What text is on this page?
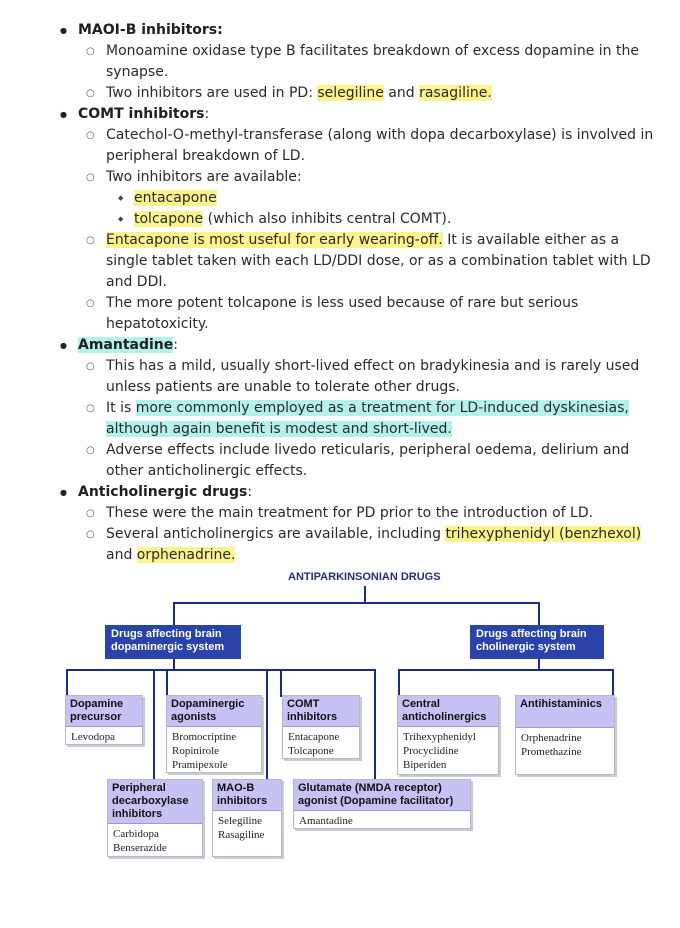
● MAOI-B inhibitors:
○ Monoamine oxidase type B facilitates breakdown of excess dopamine in the synapse.
○ Two inhibitors are used in PD: selegiline and rasagiline.
● COMT inhibitors:
○ Catechol-O-methyl-transferase (along with dopa decarboxylase) is involved in peripheral breakdown of LD.
○ Two inhibitors are available:
◆ entacapone
◆ tolcapone (which also inhibits central COMT).
○ Entacapone is most useful for early wearing-off. It is available either as a single tablet taken with each LD/DDI dose, or as a combination tablet with LD and DDI.
○ The more potent tolcapone is less used because of rare but serious hepatotoxicity.
● Amantadine:
○ This has a mild, usually short-lived effect on bradykinesia and is rarely used unless patients are unable to tolerate other drugs.
○ It is more commonly employed as a treatment for LD-induced dyskinesias, although again benefit is modest and short-lived.
○ Adverse effects include livedo reticularis, peripheral oedema, delirium and other anticholinergic effects.
● Anticholinergic drugs:
○ These were the main treatment for PD prior to the introduction of LD.
○ Several anticholinergics are available, including trihexyphenidyl (benzhexol) and orphenadrine.
ANTIPARKINSONIAN DRUGS
Drugs affecting brain dopaminergic system
Drugs affecting brain cholinergic system
Dopamine precursor
Levodopa
Dopaminergic agonists
Bromocriptine
Ropinirole
Pramipexole
COMT inhibitors
Entacapone
Tolcapone
Central anticholinergics
Trihexyphenidyl
Procyclidine
Biperiden
Antihistaminics
Orphenadrine
Promethazine
Peripheral decarboxylase inhibitors
Carbidopa
Benserazide
MAO-B inhibitors
Selegiline
Rasagiline
Glutamate (NMDA receptor) agonist (Dopamine facilitator)
Amantadine
